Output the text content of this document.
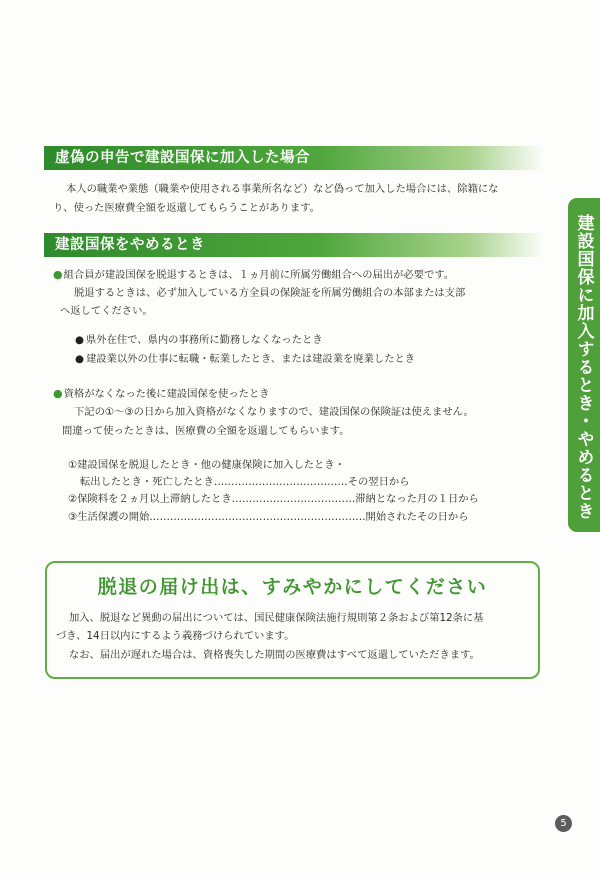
虚偽の申告で建設国保に加入した場合
本人の職業や業態（職業や使用される事業所名など）など偽って加入した場合には、除籍にな
り、使った医療費全額を返還してもらうことがあります。
建設国保をやめるとき
●組合員が建設国保を脱退するときは、１ヵ月前に所属労働組合への届出が必要です。
脱退するときは、必ず加入している方全員の保険証を所属労働組合の本部または支部
へ返してください。
● 県外在住で、県内の事務所に勤務しなくなったとき
● 建設業以外の仕事に転職・転業したとき、または建設業を廃業したとき
●資格がなくなった後に建設国保を使ったとき
下記の①～③の日から加入資格がなくなりますので、建設国保の保険証は使えません。
間違って使ったときは、医療費の全額を返還してもらいます。
①建設国保を脱退したとき・他の健康保険に加入したとき・
転出したとき・死亡したとき…………………………………その翌日から
②保険料を２ヵ月以上滞納したとき………………………………滞納となった月の１日から
③生活保護の開始………………………………………………………開始されたその日から	建設国保に加入するとき・やめるとき
脱退の届け出は、すみやかにしてください
加入、脱退など異動の届出については、国民健康保険法施行規則第２条および第12条に基
づき、14日以内にするよう義務づけられています。
なお、届出が遅れた場合は、資格喪失した期間の医療費はすべて返還していただきます。
5
